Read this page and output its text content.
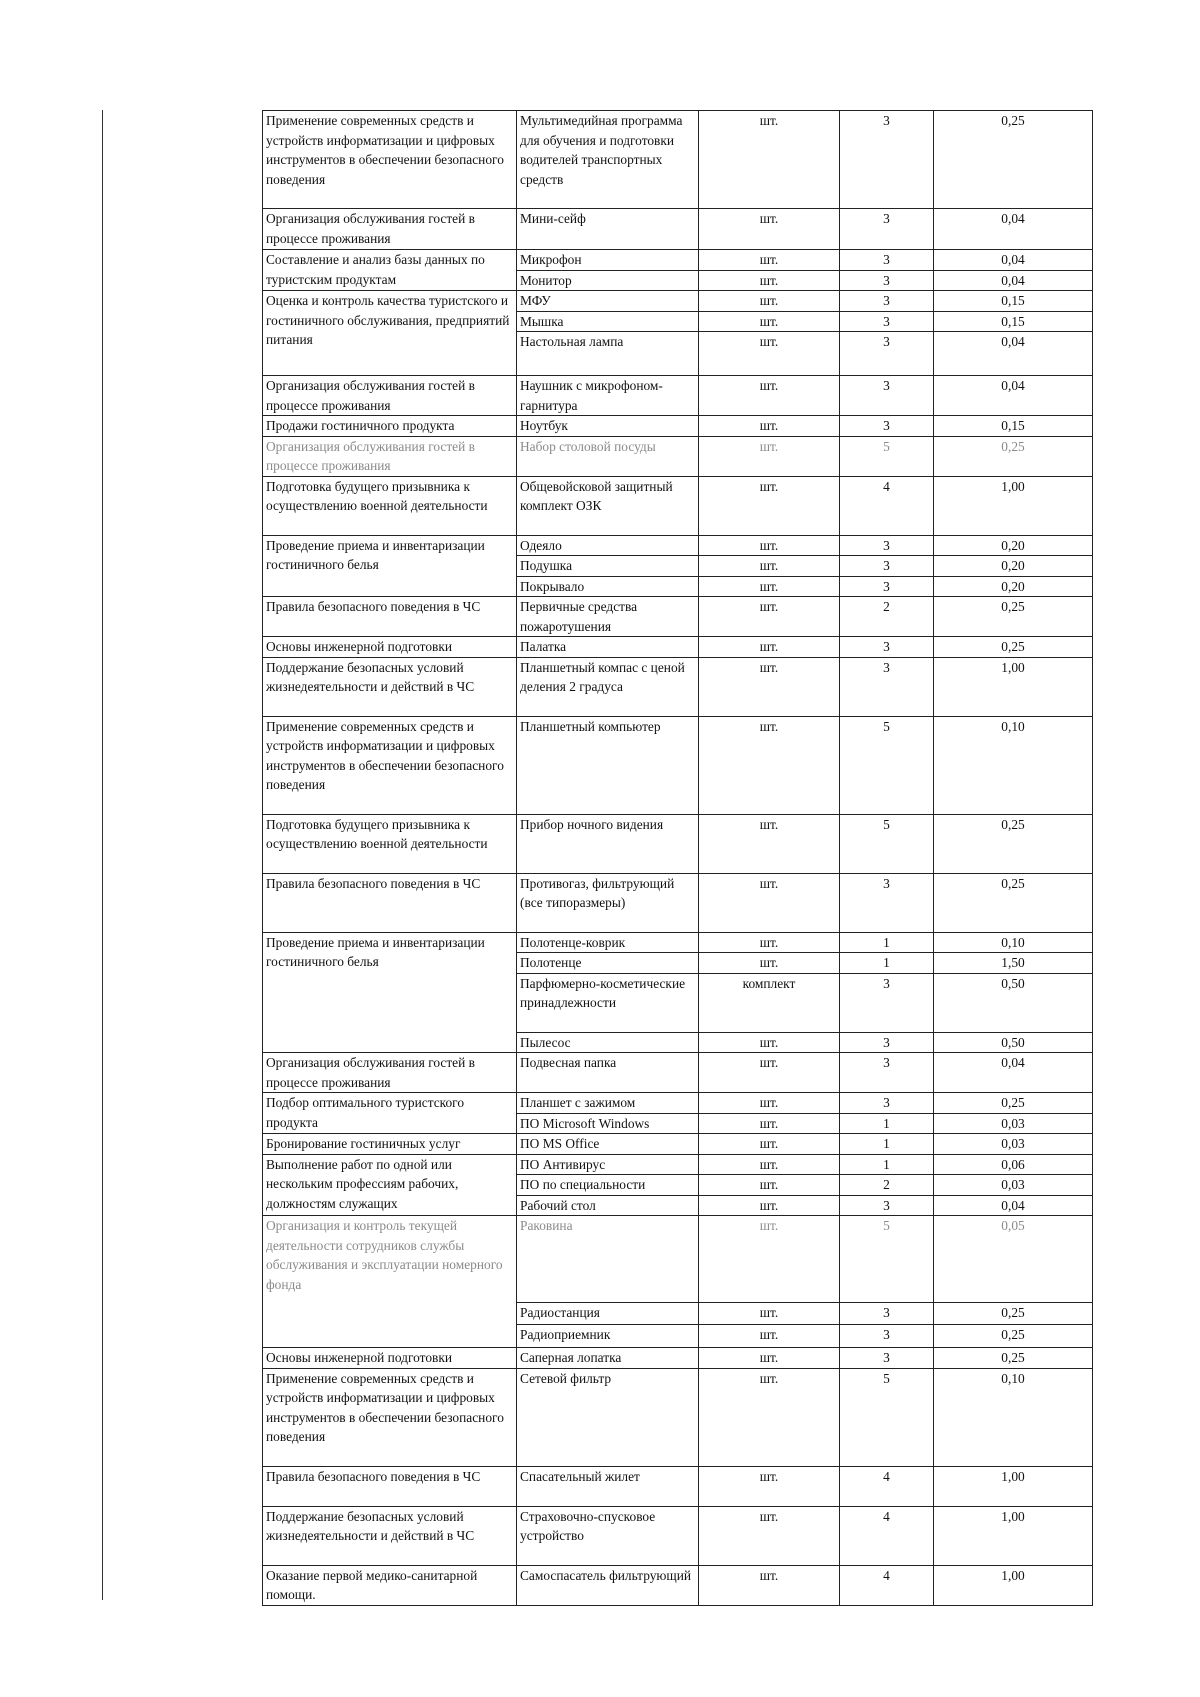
Применение современных средств и устройств информатизации и цифровых инструментов в обеспечении безопасного поведения	Мультимедийная программа для обучения и подготовки водителей транспортных средств	шт.	3	0,25
Организация обслуживания гостей в процессе проживания	Мини-сейф	шт.	3	0,04
Составление и анализ базы данных по туристским продуктам	Микрофон	шт.	3	0,04
	Монитор	шт.	3	0,04
Оценка и контроль качества туристского и гостиничного обслуживания, предприятий питания	МФУ	шт.	3	0,15
	Мышка	шт.	3	0,15
	Настольная лампа	шт.	3	0,04
Организация обслуживания гостей в процессе проживания	Наушник с микрофоном-гарнитура	шт.	3	0,04
Продажи гостиничного продукта	Ноутбук	шт.	3	0,15
Организация обслуживания гостей в процессе проживания	Набор столовой посуды	шт.	5	0,25
Подготовка будущего призывника к осуществлению военной деятельности	Общевойсковой защитный комплект ОЗК	шт.	4	1,00
Проведение приема и инвентаризации гостиничного белья	Одеяло	шт.	3	0,20
	Подушка	шт.	3	0,20
	Покрывало	шт.	3	0,20
Правила безопасного поведения в ЧС	Первичные средства пожаротушения	шт.	2	0,25
Основы инженерной подготовки	Палатка	шт.	3	0,25
Поддержание безопасных условий жизнедеятельности и действий в ЧС	Планшетный компас с ценой деления 2 градуса	шт.	3	1,00
Применение современных средств и устройств информатизации и цифровых инструментов в обеспечении безопасного поведения	Планшетный компьютер	шт.	5	0,10
Подготовка будущего призывника к осуществлению военной деятельности	Прибор ночного видения	шт.	5	0,25
Правила безопасного поведения в ЧС	Противогаз, фильтрующий (все типоразмеры)	шт.	3	0,25
Проведение приема и инвентаризации гостиничного белья	Полотенце-коврик	шт.	1	0,10
	Полотенце	шт.	1	1,50
	Парфюмерно-косметические принадлежности	комплект	3	0,50
	Пылесос	шт.	3	0,50
Организация обслуживания гостей в процессе проживания	Подвесная папка	шт.	3	0,04
Подбор оптимального туристского продукта	Планшет с зажимом	шт.	3	0,25
	ПО Microsoft Windows	шт.	1	0,03
Бронирование гостиничных услуг	ПО MS Office	шт.	1	0,03
Выполнение работ по одной или нескольким профессиям рабочих, должностям служащих	ПО Антивирус	шт.	1	0,06
	ПО по специальности	шт.	2	0,03
	Рабочий стол	шт.	3	0,04
Организация и контроль текущей деятельности сотрудников службы обслуживания и эксплуатации номерного фонда	Раковина	шт.	5	0,05
	Радиостанция	шт.	3	0,25
	Радиоприемник	шт.	3	0,25
Основы инженерной подготовки	Саперная лопатка	шт.	3	0,25
Применение современных средств и устройств информатизации и цифровых инструментов в обеспечении безопасного поведения	Сетевой фильтр	шт.	5	0,10
Правила безопасного поведения в ЧС	Спасательный жилет	шт.	4	1,00
Поддержание безопасных условий жизнедеятельности и действий в ЧС	Страховочно-спусковое устройство	шт.	4	1,00
Оказание первой медико-санитарной помощи.	Самоспасатель фильтрующий	шт.	4	1,00
